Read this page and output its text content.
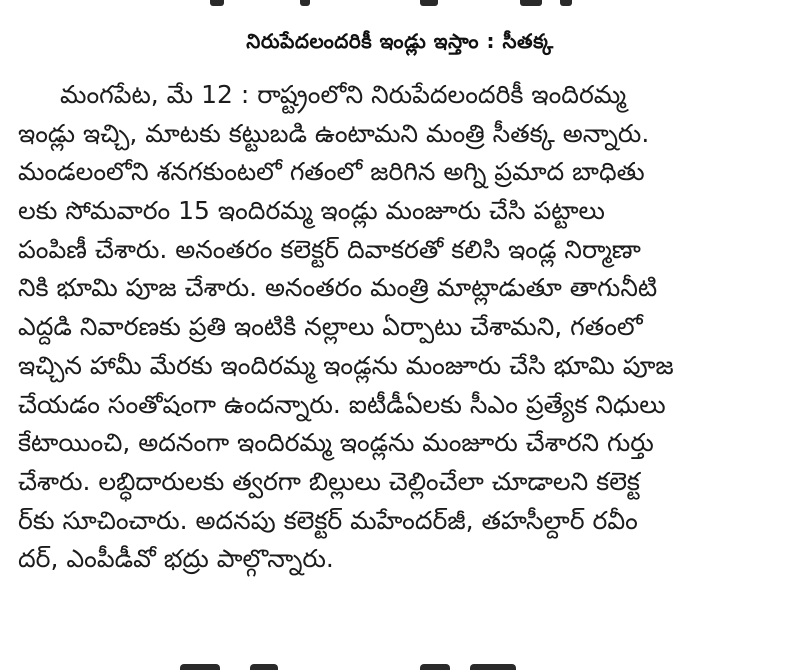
నిరుపేదలందరికీ ఇండ్లు ఇస్తాం : సీతక్క
మంగపేట, మే 12 : రాష్ట్రంలోని నిరుపేదలందరికీ ఇందిరమ్మ
ఇండ్లు ఇచ్చి, మాటకు కట్టుబడి ఉంటామని మంత్రి సీతక్క అన్నారు.
మండలంలోని శనగకుంటలో గతంలో జరిగిన అగ్ని ప్రమాద బాధితు
లకు సోమవారం 15 ఇందిరమ్మ ఇండ్లు మంజూరు చేసి పట్టాలు
పంపిణీ చేశారు. అనంతరం కలెక్టర్ దివాకరతో కలిసి ఇండ్ల నిర్మాణా
నికి భూమి పూజ చేశారు. అనంతరం మంత్రి మాట్లాడుతూ తాగునీటి
ఎద్దడి నివారణకు ప్రతి ఇంటికి నల్లాలు ఏర్పాటు చేశామని, గతంలో
ఇచ్చిన హామీ మేరకు ఇందిరమ్మ ఇండ్లను మంజూరు చేసి భూమి పూజ
చేయడం సంతోషంగా ఉందన్నారు. ఐటీడీఏలకు సీఎం ప్రత్యేక నిధులు
కేటాయించి, అదనంగా ఇందిరమ్మ ఇండ్లను మంజూరు చేశారని గుర్తు
చేశారు. లబ్ధిదారులకు త్వరగా బిల్లులు చెల్లించేలా చూడాలని కలెక్ట
ర్‌కు సూచించారు. అదనపు కలెక్టర్ మహేందర్‌జీ, తహసీల్దార్ రవీం
దర్, ఎంపీడీవో భద్రు పాల్గొన్నారు.
